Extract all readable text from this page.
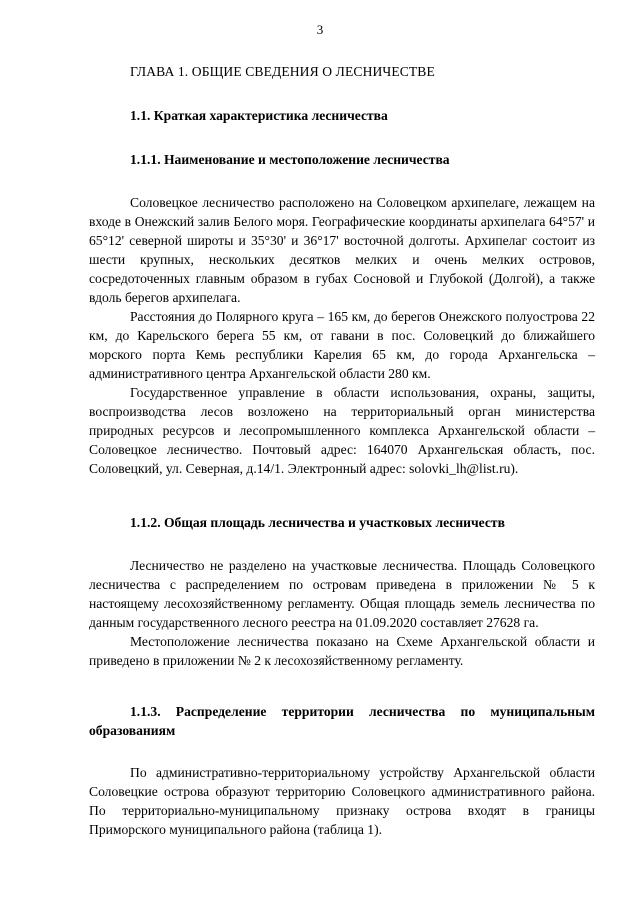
3
ГЛАВА 1. ОБЩИЕ СВЕДЕНИЯ О ЛЕСНИЧЕСТВЕ
1.1. Краткая характеристика лесничества
1.1.1. Наименование и местоположение лесничества

Соловецкое лесничество расположено на Соловецком архипелаге, лежащем на входе в Онежский залив Белого моря. Географические координаты архипелага 64°57' и 65°12' северной широты и 35°30' и 36°17' восточной долготы. Архипелаг состоит из шести крупных, нескольких десятков мелких и очень мелких островов, сосредоточенных главным образом в губах Сосновой и Глубокой (Долгой), а также вдоль берегов архипелага.

Расстояния до Полярного круга – 165 км, до берегов Онежского полуострова 22 км, до Карельского берега 55 км, от гавани в пос. Соловецкий до ближайшего морского порта Кемь республики Карелия 65 км, до города Архангельска – административного центра Архангельской области 280 км.

Государственное управление в области использования, охраны, защиты, воспроизводства лесов возложено на территориальный орган министерства природных ресурсов и лесопромышленного комплекса Архангельской области – Соловецкое лесничество. Почтовый адрес: 164070 Архангельская область, пос. Соловецкий, ул. Северная, д.14/1. Электронный адрес: solovki_lh@list.ru).

1.1.2. Общая площадь лесничества и участковых лесничеств

Лесничество не разделено на участковые лесничества. Площадь Соловецкого лесничества с распределением по островам приведена в приложении № 5 к настоящему лесохозяйственному регламенту. Общая площадь земель лесничества по данным государственного лесного реестра на 01.09.2020 составляет 27628 га.

Местоположение лесничества показано на Схеме Архангельской области и приведено в приложении № 2 к лесохозяйственному регламенту.

1.1.3. Распределение территории лесничества по муниципальным образованиям

По административно-территориальному устройству Архангельской области Соловецкие острова образуют территорию Соловецкого административного района. По территориально-муниципальному признаку острова входят в границы Приморского муниципального района (таблица 1).
